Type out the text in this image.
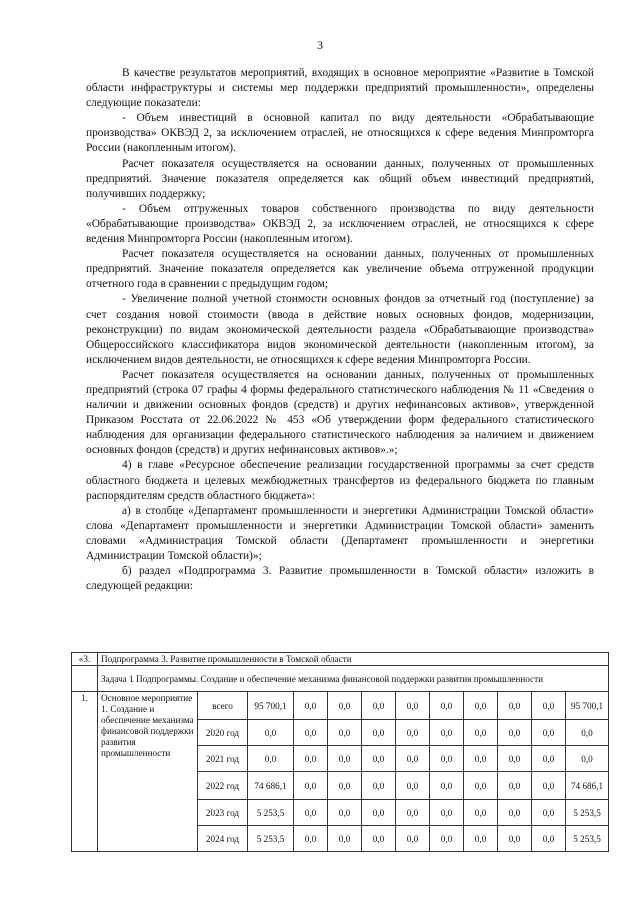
3

В качестве результатов мероприятий, входящих в основное мероприятие «Развитие в Томской области инфраструктуры и системы мер поддержки предприятий промышленности», определены следующие показатели:

- Объем инвестиций в основной капитал по виду деятельности «Обрабатывающие производства» ОКВЭД 2, за исключением отраслей, не относящихся к сфере ведения Минпромторга России (накопленным итогом).

Расчет показателя осуществляется на основании данных, полученных от промышленных предприятий. Значение показателя определяется как общий объем инвестиций предприятий, получивших поддержку;

- Объем отгруженных товаров собственного производства по виду деятельности «Обрабатывающие производства» ОКВЭД 2, за исключением отраслей, не относящихся к сфере ведения Минпромторга России (накопленным итогом).

Расчет показателя осуществляется на основании данных, полученных от промышленных предприятий. Значение показателя определяется как увеличение объема отгруженной продукции отчетного года в сравнении с предыдущим годом;

- Увеличение полной учетной стоимости основных фондов за отчетный год (поступление) за счет создания новой стоимости (ввода в действие новых основных фондов, модернизации, реконструкции) по видам экономической деятельности раздела «Обрабатывающие производства» Общероссийского классификатора видов экономической деятельности (накопленным итогом), за исключением видов деятельности, не относящихся к сфере ведения Минпромторга России.

Расчет показателя осуществляется на основании данных, полученных от промышленных предприятий (строка 07 графы 4 формы федерального статистического наблюдения № 11 «Сведения о наличии и движении основных фондов (средств) и других нефинансовых активов», утвержденной Приказом Росстата от 22.06.2022 № 453 «Об утверждении форм федерального статистического наблюдения для организации федерального статистического наблюдения за наличием и движением основных фондов (средств) и других нефинансовых активов».»;

4) в главе «Ресурсное обеспечение реализации государственной программы за счет средств областного бюджета и целевых межбюджетных трансфертов из федерального бюджета по главным распорядителям средств областного бюджета»:

а) в столбце «Департамент промышленности и энергетики Администрации Томской области» слова «Департамент промышленности и энергетики Администрации Томской области» заменить словами «Администрация Томской области (Департамент промышленности и энергетики Администрации Томской области)»;

б) раздел «Подпрограмма 3. Развитие промышленности в Томской области» изложить в следующей редакции:

«3.	Подпрограмма 3. Развитие промышленности в Томской области											
	Задача 1 Подпрограммы. Создание и обеспечение механизма финансовой поддержки развития промышленности											
1.	Основное мероприятие 1. Создание и обеспечение механизма финансовой поддержки развития промышленности	всего	95 700,1	0,0	0,0	0,0	0,0	0,0	0,0	0,0	0,0	95 700,1
		2020 год	0,0	0,0	0,0	0,0	0,0	0,0	0,0	0,0	0,0	0,0
		2021 год	0,0	0,0	0,0	0,0	0,0	0,0	0,0	0,0	0,0	0,0
		2022 год	74 686,1	0,0	0,0	0,0	0,0	0,0	0,0	0,0	0,0	74 686,1
		2023 год	5 253,5	0,0	0,0	0,0	0,0	0,0	0,0	0,0	0,0	5 253,5
		2024 год	5 253,5	0,0	0,0	0,0	0,0	0,0	0,0	0,0	0,0	5 253,5
